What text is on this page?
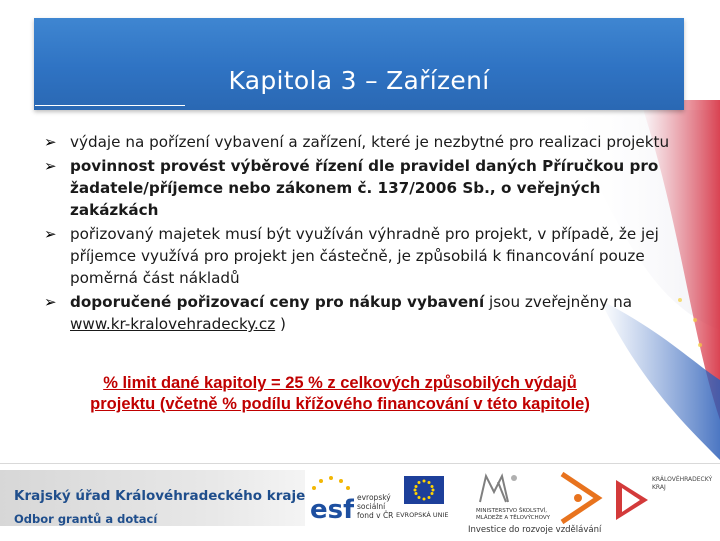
Kapitola 3 – Zařízení
➢ výdaje na pořízení vybavení a zařízení, které je nezbytné pro realizaci projektu
➢ povinnost provést výběrové řízení dle pravidel daných Příručkou pro žadatele/příjemce nebo zákonem č. 137/2006 Sb., o veřejných zakázkách
➢ pořizovaný majetek musí být využíván výhradně pro projekt, v případě, že jej příjemce využívá pro projekt jen částečně, je způsobilá k financování pouze poměrná část nákladů
➢ doporučené pořizovací ceny pro nákup vybavení jsou zveřejněny na www.kr-kralovehradecky.cz )
% limit dané kapitoly = 25 % z celkových způsobilých výdajů projektu (včetně % podílu křížového financování v této kapitole)
Krajský úřad Královéhradeckého kraje
Odbor grantů a dotací	esf evropský sociální fond v ČR EVROPSKÁ UNIE	MINISTERSTVO ŠKOLSTVÍ, MLÁDEŽE A TĚLOVÝCHOVY
KRÁLOVÉHRADECKÝ KRAJ
Investice do rozvoje vzdělávání
